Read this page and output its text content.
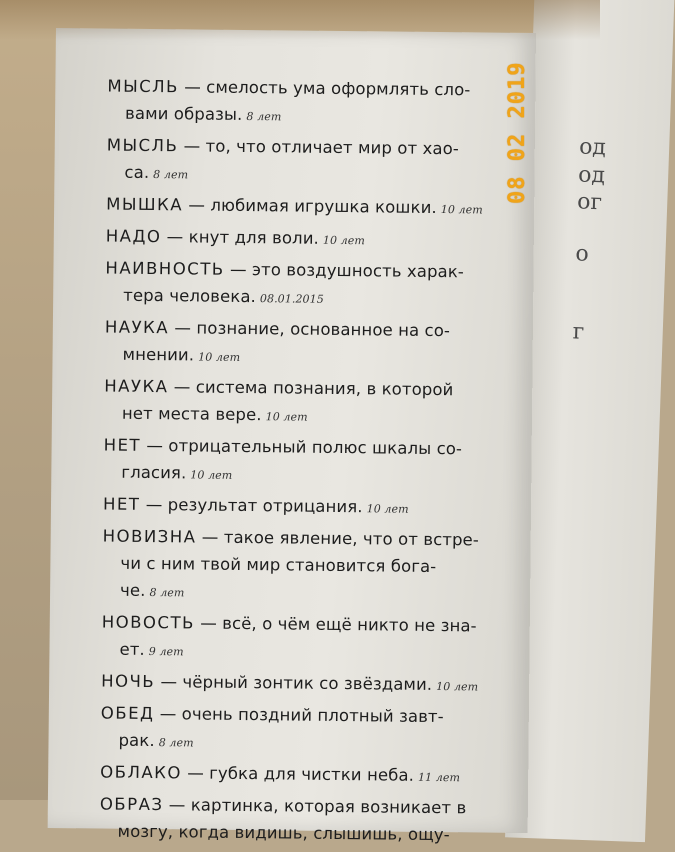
од
од
ог
о
г
МЫСЛЬ — смелость ума оформлять сло-
вами образы. 8 лет
МЫСЛЬ — то, что отличает мир от хао-
са. 8 лет
МЫШКА — любимая игрушка кошки. 10 лет
НАДО — кнут для воли. 10 лет
НАИВНОСТЬ — это воздушность харак-
тера человека. 08.01.2015
НАУКА — познание, основанное на со-
мнении. 10 лет
НАУКА — система познания, в которой
нет места вере. 10 лет
НЕТ — отрицательный полюс шкалы со-
гласия. 10 лет
НЕТ — результат отрицания. 10 лет
НОВИЗНА — такое явление, что от встре-
чи с ним твой мир становится бога-
че. 8 лет
НОВОСТЬ — всё, о чём ещё никто не зна-
ет. 9 лет
НОЧЬ — чёрный зонтик со звёздами. 10 лет
ОБЕД — очень поздний плотный завт-
рак. 8 лет
ОБЛАКО — губка для чистки неба. 11 лет
ОБРАЗ — картинка, которая возникает в
мозгу, когда видишь, слышишь, ощу-
08 02 2019
